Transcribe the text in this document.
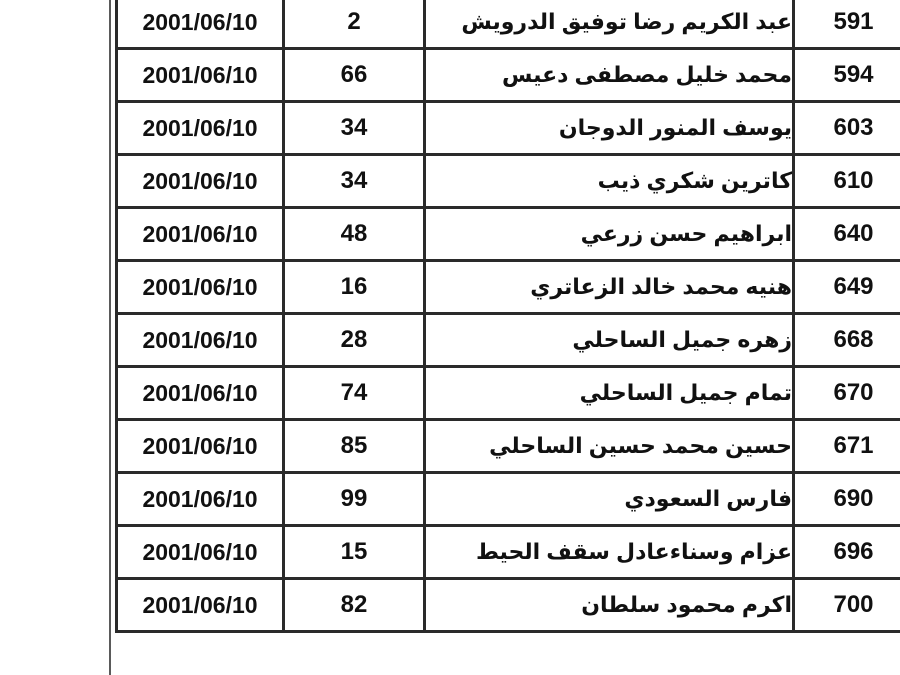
2001/06/10	2	عبد الكريم رضا توفيق الدرويش	591
2001/06/10	66	محمد خليل مصطفى دعيس	594
2001/06/10	34	يوسف المنور الدوجان	603
2001/06/10	34	كاترين شكري ذيب	610
2001/06/10	48	ابراهيم حسن زرعي	640
2001/06/10	16	هنيه محمد خالد الزعاتري	649
2001/06/10	28	زهره جميل الساحلي	668
2001/06/10	74	تمام جميل الساحلي	670
2001/06/10	85	حسين محمد حسين الساحلي	671
2001/06/10	99	فارس السعودي	690
2001/06/10	15	عزام وسناءعادل سقف الحيط	696
2001/06/10	82	اكرم محمود سلطان	700
